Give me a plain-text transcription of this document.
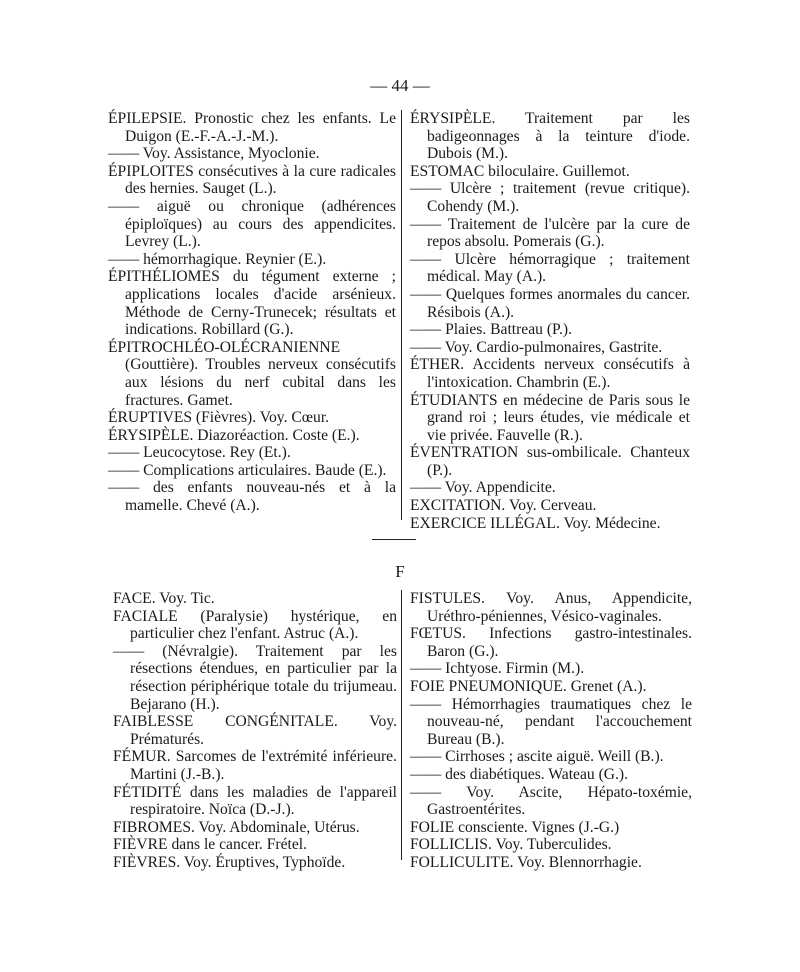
— 44 —
ÉPILEPSIE. Pronostic chez les enfants. Le Duigon (E.-F.-A.-J.-M.).
—— Voy. Assistance, Myoclonie.
ÉPIPLOITES consécutives à la cure radicales des hernies. Sauget (L.).
—— aiguë ou chronique (adhérences épiploïques) au cours des appendicites. Levrey (L.).
—— hémorrhagique. Reynier (E.).
ÉPITHÉLIOMES du tégument externe ; applications locales d'acide arsénieux. Méthode de Cerny-Trunecek; résultats et indications. Robillard (G.).
ÉPITROCHLÉO-OLÉCRANIENNE (Gouttière). Troubles nerveux consécutifs aux lésions du nerf cubital dans les fractures. Gamet.
ÉRUPTIVES (Fièvres). Voy. Cœur.
ÉRYSIPÈLE. Diazoréaction. Coste (E.).
—— Leucocytose. Rey (Et.).
—— Complications articulaires. Baude (E.).
—— des enfants nouveau-nés et à la mamelle. Chevé (A.).
ÉRYSIPÈLE. Traitement par les badigeonnages à la teinture d'iode. Dubois (M.).
ESTOMAC biloculaire. Guillemot.
—— Ulcère ; traitement (revue critique). Cohendy (M.).
—— Traitement de l'ulcère par la cure de repos absolu. Pomerais (G.).
—— Ulcère hémorragique ; traitement médical. May (A.).
—— Quelques formes anormales du cancer. Résibois (A.).
—— Plaies. Battreau (P.).
—— Voy. Cardio-pulmonaires, Gastrite.
ÉTHER. Accidents nerveux consécutifs à l'intoxication. Chambrin (E.).
ÉTUDIANTS en médecine de Paris sous le grand roi ; leurs études, vie médicale et vie privée. Fauvelle (R.).
ÉVENTRATION sus-ombilicale. Chanteux (P.).
—— Voy. Appendicite.
EXCITATION. Voy. Cerveau.
EXERCICE ILLÉGAL. Voy. Médecine.
F
FACE. Voy. Tic.
FACIALE (Paralysie) hystérique, en particulier chez l'enfant. Astruc (A.).
—— (Névralgie). Traitement par les résections étendues, en particulier par la résection périphérique totale du trijumeau. Bejarano (H.).
FAIBLESSE CONGÉNITALE. Voy. Prématurés.
FÉMUR. Sarcomes de l'extrémité inférieure. Martini (J.-B.).
FÉTIDITÉ dans les maladies de l'appareil respiratoire. Noïca (D.-J.).
FIBROMES. Voy. Abdominale, Utérus.
FIÈVRE dans le cancer. Frétel.
FIÈVRES. Voy. Éruptives, Typhoïde.
FISTULES. Voy. Anus, Appendicite, Uréthro-péniennes, Vésico-vaginales.
FŒTUS. Infections gastro-intestinales. Baron (G.).
—— Ichtyose. Firmin (M.).
FOIE PNEUMONIQUE. Grenet (A.).
—— Hémorrhagies traumatiques chez le nouveau-né, pendant l'accouchement Bureau (B.).
—— Cirrhoses ; ascite aiguë. Weill (B.).
—— des diabétiques. Wateau (G.).
—— Voy. Ascite, Hépato-toxémie, Gastroentérites.
FOLIE consciente. Vignes (J.-G.)
FOLLICLIS. Voy. Tuberculides.
FOLLICULITE. Voy. Blennorrhagie.
